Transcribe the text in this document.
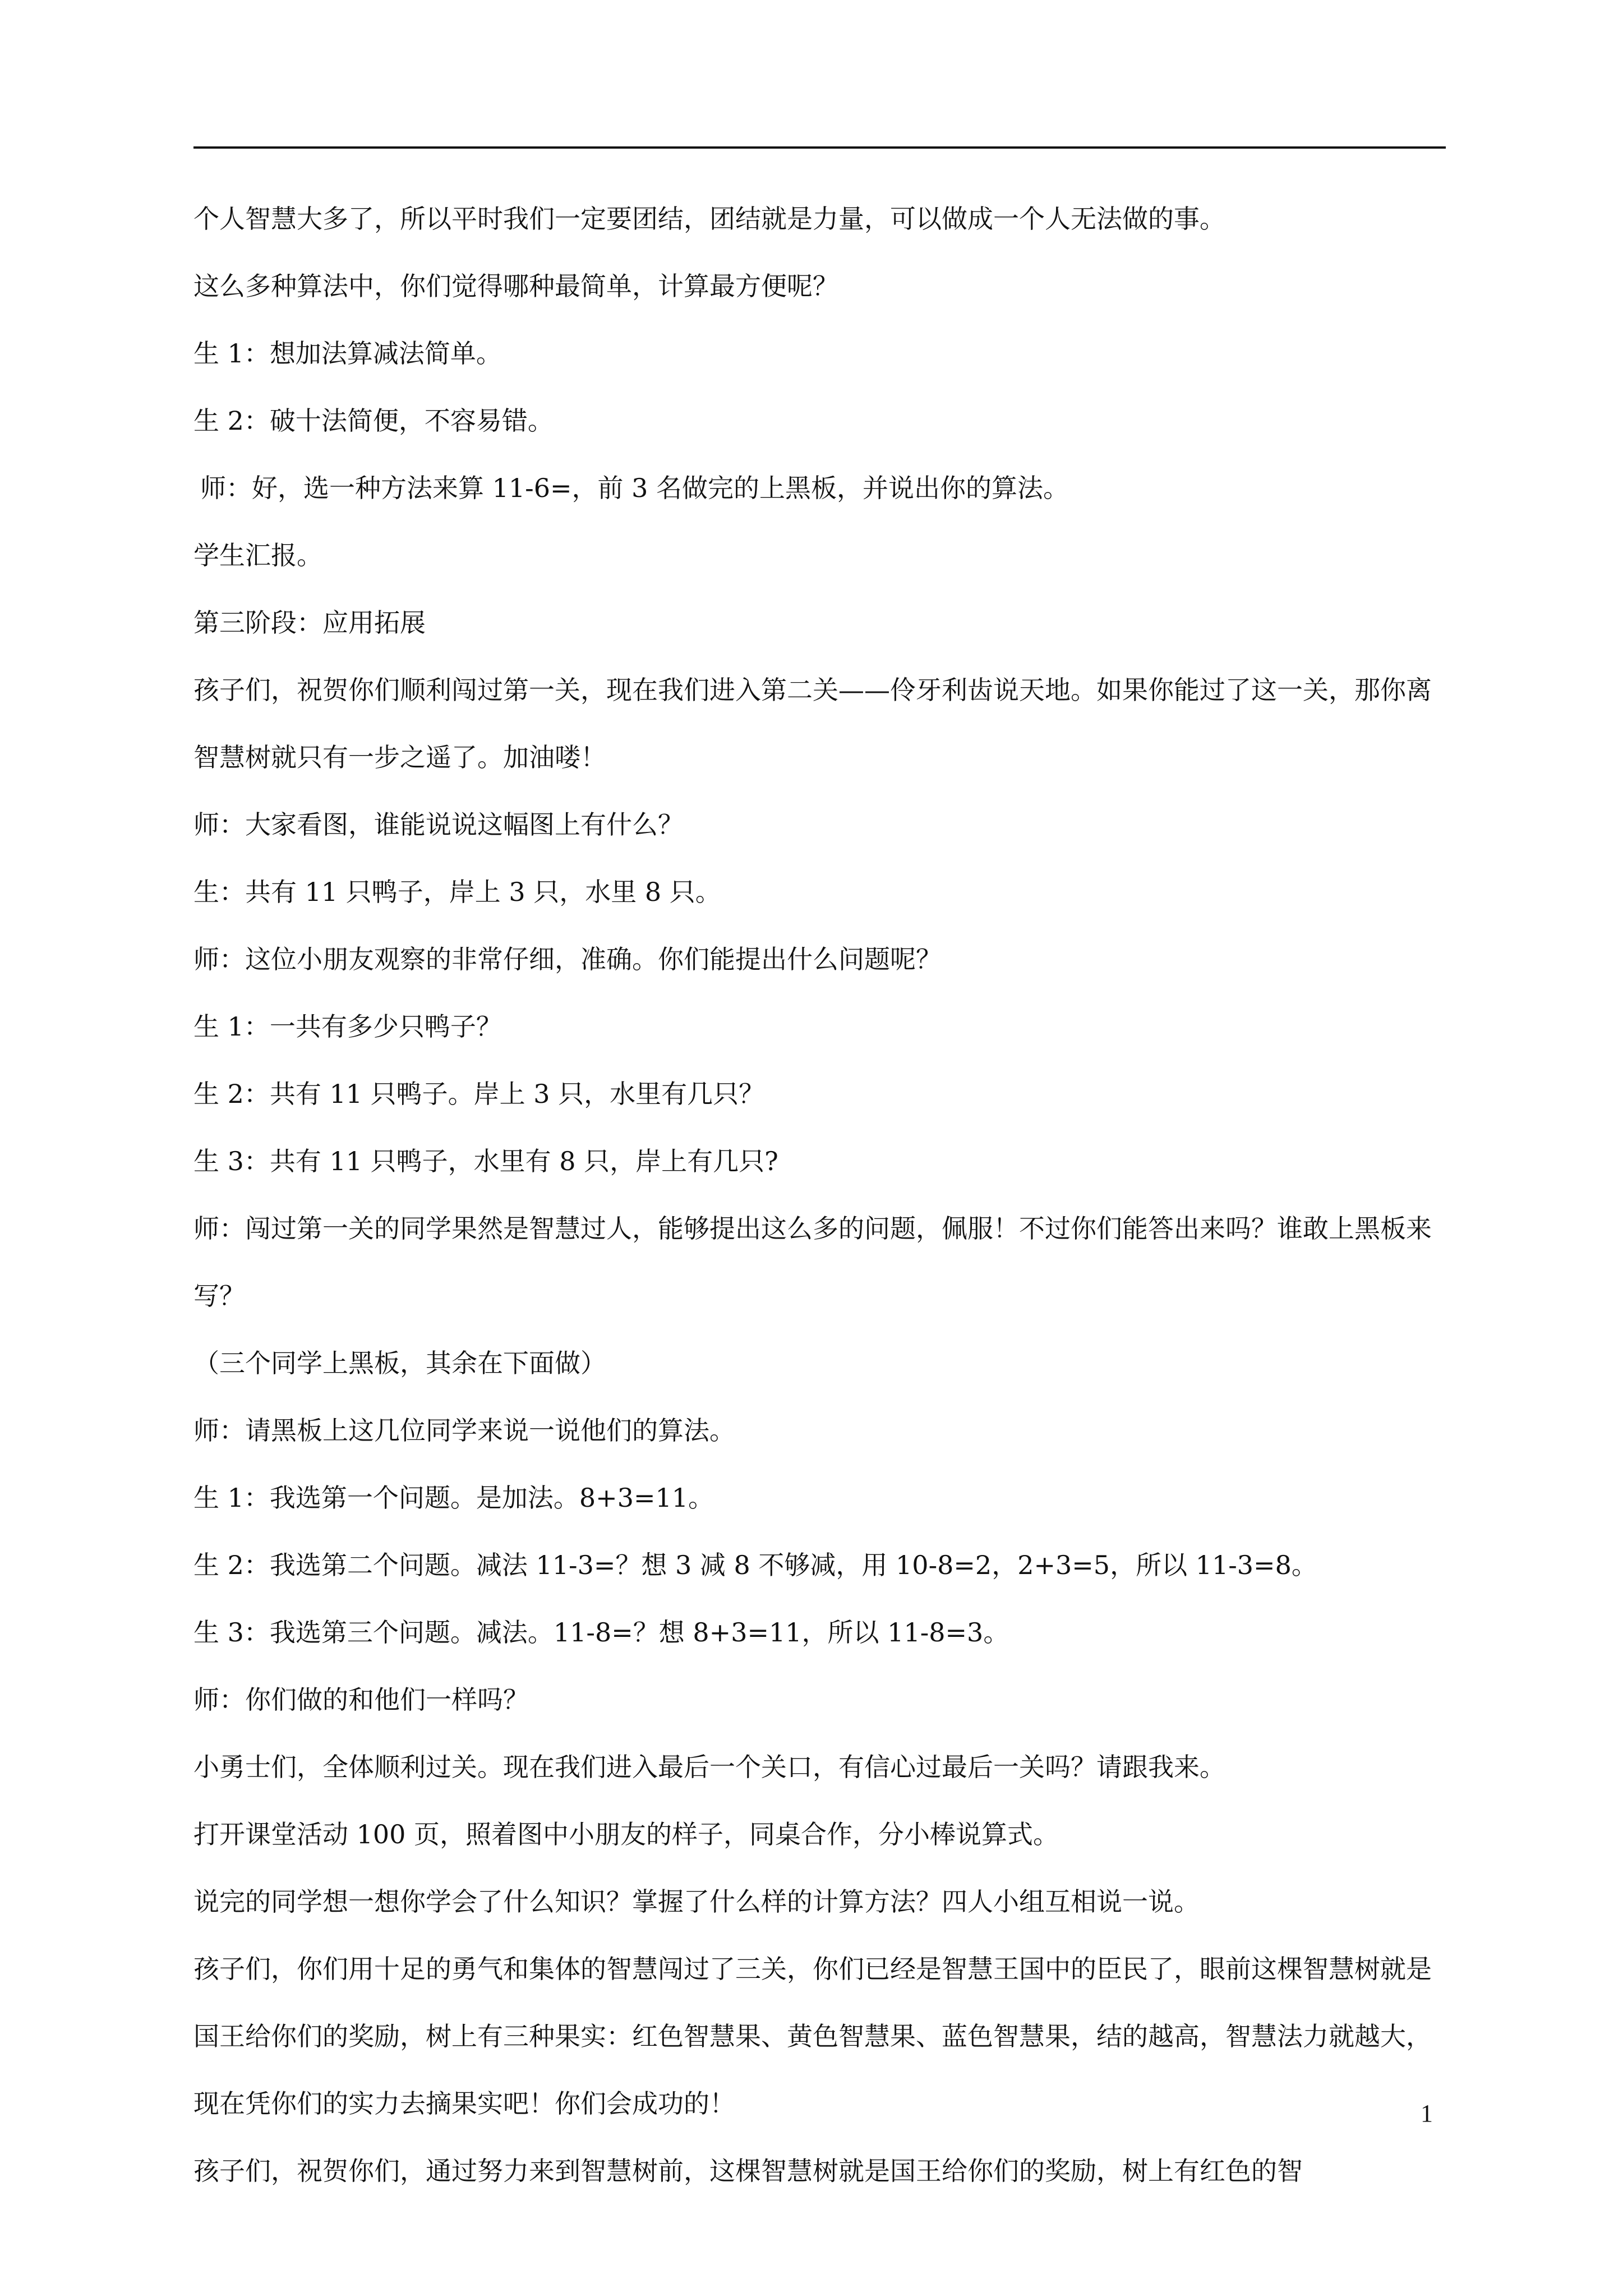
个人智慧大多了，所以平时我们一定要团结，团结就是力量，可以做成一个人无法做的事。

这么多种算法中，你们觉得哪种最简单，计算最方便呢？

生 1：想加法算减法简单。

生 2：破十法简便，不容易错。

师：好，选一种方法来算 11-6=，前 3 名做完的上黑板，并说出你的算法。

学生汇报。

第三阶段：应用拓展

孩子们，祝贺你们顺利闯过第一关，现在我们进入第二关——伶牙利齿说天地。如果你能过了这一关，那你离智慧树就只有一步之遥了。加油喽！

师：大家看图，谁能说说这幅图上有什么？

生：共有 11 只鸭子，岸上 3 只，水里 8 只。

师：这位小朋友观察的非常仔细，准确。你们能提出什么问题呢？

生 1：一共有多少只鸭子？

生 2：共有 11 只鸭子。岸上 3 只，水里有几只？

生 3：共有 11 只鸭子，水里有 8 只，岸上有几只?

师：闯过第一关的同学果然是智慧过人，能够提出这么多的问题，佩服！不过你们能答出来吗？谁敢上黑板来写？

（三个同学上黑板，其余在下面做）

师：请黑板上这几位同学来说一说他们的算法。

生 1：我选第一个问题。是加法。8+3=11。

生 2：我选第二个问题。减法 11-3=？想 3 减 8 不够减，用 10-8=2，2+3=5，所以 11-3=8。

生 3：我选第三个问题。减法。11-8=？想 8+3=11，所以 11-8=3。

师：你们做的和他们一样吗？

小勇士们，全体顺利过关。现在我们进入最后一个关口，有信心过最后一关吗？请跟我来。

打开课堂活动 100 页，照着图中小朋友的样子，同桌合作，分小棒说算式。

说完的同学想一想你学会了什么知识？掌握了什么样的计算方法？四人小组互相说一说。

孩子们，你们用十足的勇气和集体的智慧闯过了三关，你们已经是智慧王国中的臣民了，眼前这棵智慧树就是国王给你们的奖励，树上有三种果实：红色智慧果、黄色智慧果、蓝色智慧果，结的越高，智慧法力就越大，现在凭你们的实力去摘果实吧！你们会成功的！

孩子们，祝贺你们，通过努力来到智慧树前，这棵智慧树就是国王给你们的奖励，树上有红色的智

1
